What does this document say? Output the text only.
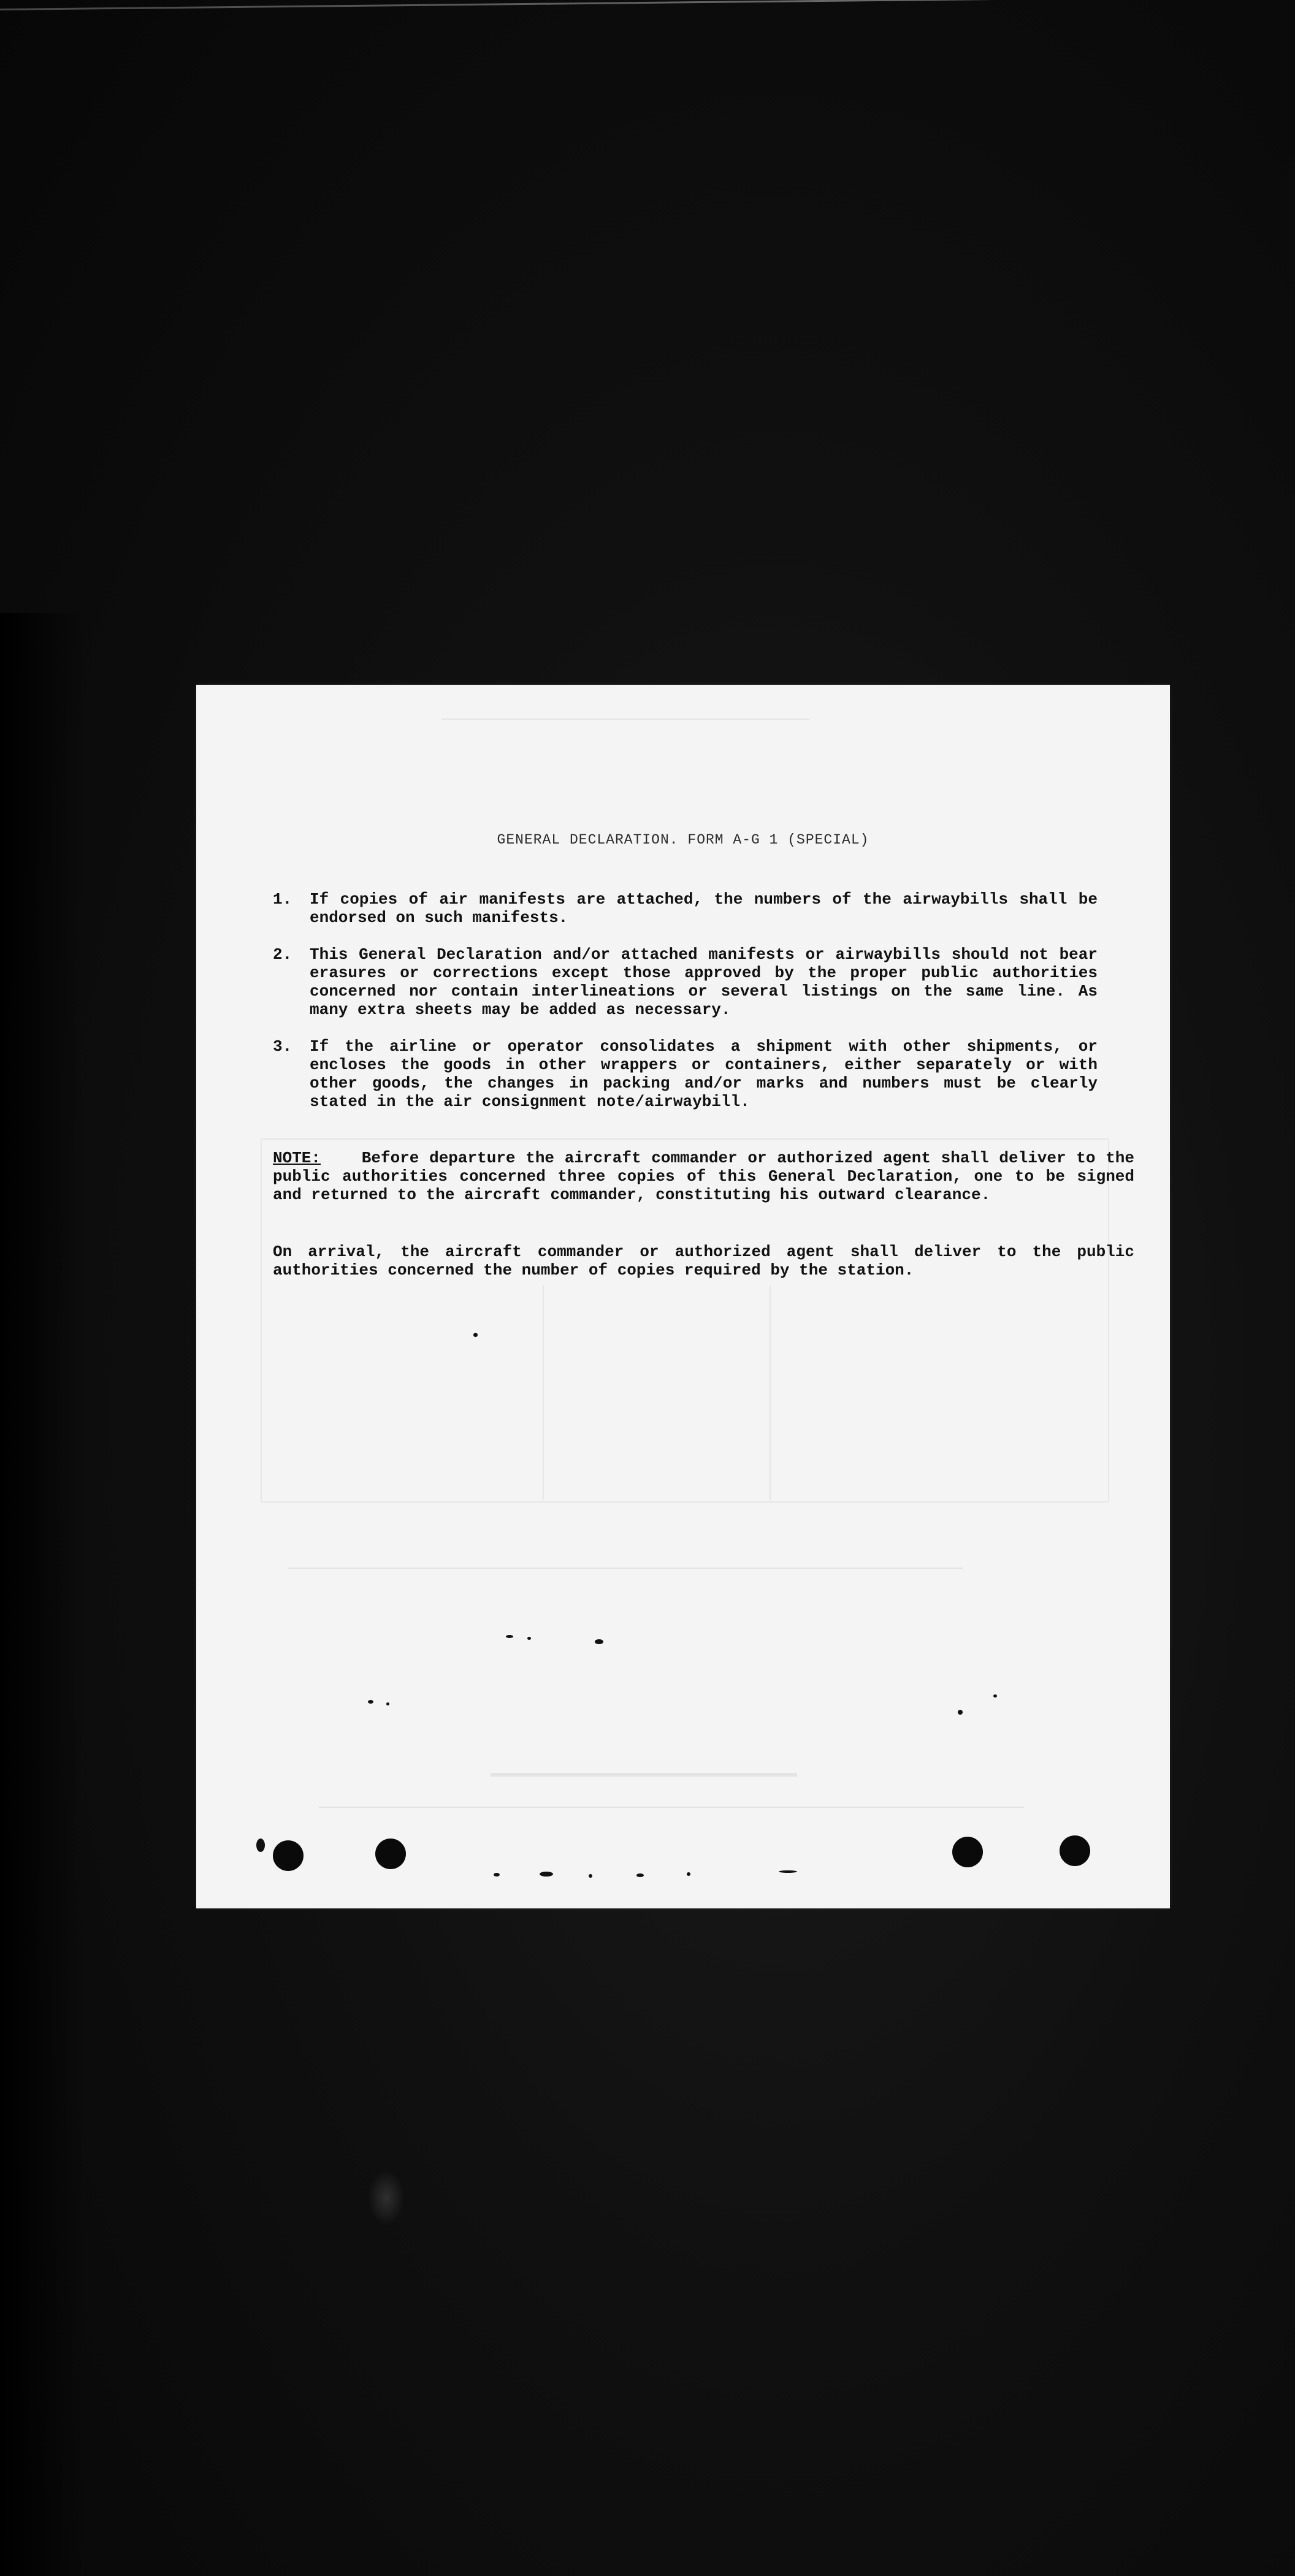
GENERAL DECLARATION. FORM A-G 1 (SPECIAL)
1.	If copies of air manifests are attached, the numbers of the airwaybills shall be endorsed on such manifests.
2.	This General Declaration and/or attached manifests or airwaybills should not bear erasures or corrections except those approved by the proper public authorities concerned nor contain interlineations or several listings on the same line. As many extra sheets may be added as necessary.
3.	If the airline or operator consolidates a shipment with other shipments, or encloses the goods in other wrappers or containers, either separately or with other goods, the changes in packing and/or marks and numbers must be clearly stated in the air consignment note/airwaybill.
NOTE:	Before departure the aircraft commander or authorized agent shall deliver to the public authorities concerned three copies of this General Declaration, one to be signed and returned to the aircraft commander, constituting his outward clearance.
On arrival, the aircraft commander or authorized agent shall deliver to the public authorities concerned the number of copies required by the station.
